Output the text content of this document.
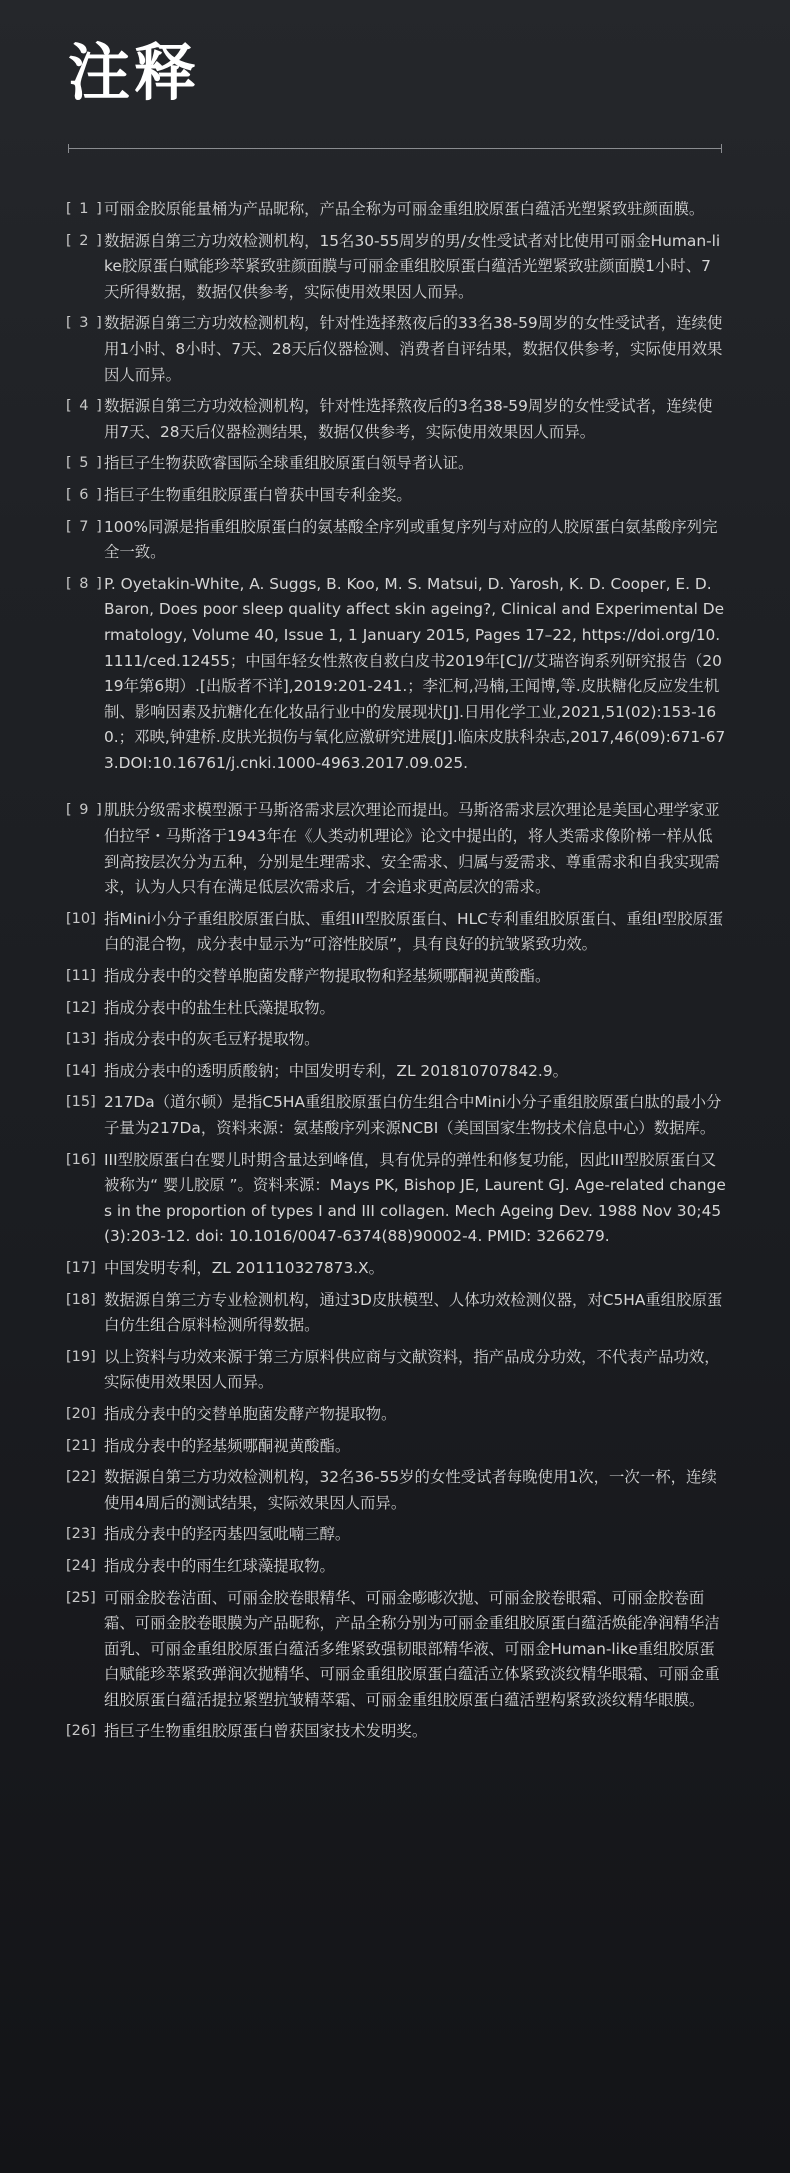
注释
[ 1 ] 可丽金胶原能量桶为产品昵称，产品全称为可丽金重组胶原蛋白蕴活光塑紧致驻颜面膜。
[ 2 ] 数据源自第三方功效检测机构，15名30-55周岁的男/女性受试者对比使用可丽金Human-like胶原蛋白赋能珍萃紧致驻颜面膜与可丽金重组胶原蛋白蕴活光塑紧致驻颜面膜1小时、7天所得数据，数据仅供参考，实际使用效果因人而异。
[ 3 ] 数据源自第三方功效检测机构，针对性选择熬夜后的33名38-59周岁的女性受试者，连续使用1小时、8小时、7天、28天后仪器检测、消费者自评结果，数据仅供参考，实际使用效果因人而异。
[ 4 ] 数据源自第三方功效检测机构，针对性选择熬夜后的3名38-59周岁的女性受试者，连续使用7天、28天后仪器检测结果，数据仅供参考，实际使用效果因人而异。
[ 5 ] 指巨子生物获欧睿国际全球重组胶原蛋白领导者认证。
[ 6 ] 指巨子生物重组胶原蛋白曾获中国专利金奖。
[ 7 ] 100%同源是指重组胶原蛋白的氨基酸全序列或重复序列与对应的人胶原蛋白氨基酸序列完全一致。
[ 8 ] P. Oyetakin-White, A. Suggs, B. Koo, M. S. Matsui, D. Yarosh, K. D. Cooper, E. D. Baron, Does poor sleep quality affect skin ageing?, Clinical and Experimental Dermatology, Volume 40, Issue 1, 1 January 2015, Pages 17–22, https://doi.org/10.1111/ced.12455；中国年轻女性熬夜自救白皮书2019年[C]//艾瑞咨询系列研究报告（2019年第6期）.[出版者不详],2019:201-241.；李汇柯,冯楠,王闻博,等.皮肤糖化反应发生机制、影响因素及抗糖化在化妆品行业中的发展现状[J].日用化学工业,2021,51(02):153-160.；邓映,钟建桥.皮肤光损伤与氧化应激研究进展[J].临床皮肤科杂志,2017,46(09):671-673.DOI:10.16761/j.cnki.1000-4963.2017.09.025.
[ 9 ] 肌肤分级需求模型源于马斯洛需求层次理论而提出。马斯洛需求层次理论是美国心理学家亚伯拉罕・马斯洛于1943年在《人类动机理论》论文中提出的，将人类需求像阶梯一样从低到高按层次分为五种，分别是生理需求、安全需求、归属与爱需求、尊重需求和自我实现需求，认为人只有在满足低层次需求后，才会追求更高层次的需求。
[10] 指Mini小分子重组胶原蛋白肽、重组III型胶原蛋白、HLC专利重组胶原蛋白、重组I型胶原蛋白的混合物，成分表中显示为“可溶性胶原”，具有良好的抗皱紧致功效。
[11] 指成分表中的交替单胞菌发酵产物提取物和羟基频哪酮视黄酸酯。
[12] 指成分表中的盐生杜氏藻提取物。
[13] 指成分表中的灰毛豆籽提取物。
[14] 指成分表中的透明质酸钠；中国发明专利，ZL 201810707842.9。
[15] 217Da（道尔顿）是指C5HA重组胶原蛋白仿生组合中Mini小分子重组胶原蛋白肽的最小分子量为217Da，资料来源：氨基酸序列来源NCBI（美国国家生物技术信息中心）数据库。
[16] III型胶原蛋白在婴儿时期含量达到峰值，具有优异的弹性和修复功能，因此III型胶原蛋白又被称为“ 婴儿胶原 ”。资料来源：Mays PK, Bishop JE, Laurent GJ. Age-related changes in the proportion of types I and III collagen. Mech Ageing Dev. 1988 Nov 30;45(3):203-12. doi: 10.1016/0047-6374(88)90002-4. PMID: 3266279.
[17] 中国发明专利，ZL 201110327873.X。
[18] 数据源自第三方专业检测机构，通过3D皮肤模型、人体功效检测仪器，对C5HA重组胶原蛋白仿生组合原料检测所得数据。
[19] 以上资料与功效来源于第三方原料供应商与文献资料，指产品成分功效，不代表产品功效，实际使用效果因人而异。
[20] 指成分表中的交替单胞菌发酵产物提取物。
[21] 指成分表中的羟基频哪酮视黄酸酯。
[22] 数据源自第三方功效检测机构，32名36-55岁的女性受试者每晚使用1次，一次一杯，连续使用4周后的测试结果，实际效果因人而异。
[23] 指成分表中的羟丙基四氢吡喃三醇。
[24] 指成分表中的雨生红球藻提取物。
[25] 可丽金胶卷洁面、可丽金胶卷眼精华、可丽金嘭嘭次抛、可丽金胶卷眼霜、可丽金胶卷面霜、可丽金胶卷眼膜为产品昵称，产品全称分别为可丽金重组胶原蛋白蕴活焕能净润精华洁面乳、可丽金重组胶原蛋白蕴活多维紧致强韧眼部精华液、可丽金Human-like重组胶原蛋白赋能珍萃紧致弹润次抛精华、可丽金重组胶原蛋白蕴活立体紧致淡纹精华眼霜、可丽金重组胶原蛋白蕴活提拉紧塑抗皱精萃霜、可丽金重组胶原蛋白蕴活塑构紧致淡纹精华眼膜。
[26] 指巨子生物重组胶原蛋白曾获国家技术发明奖。
